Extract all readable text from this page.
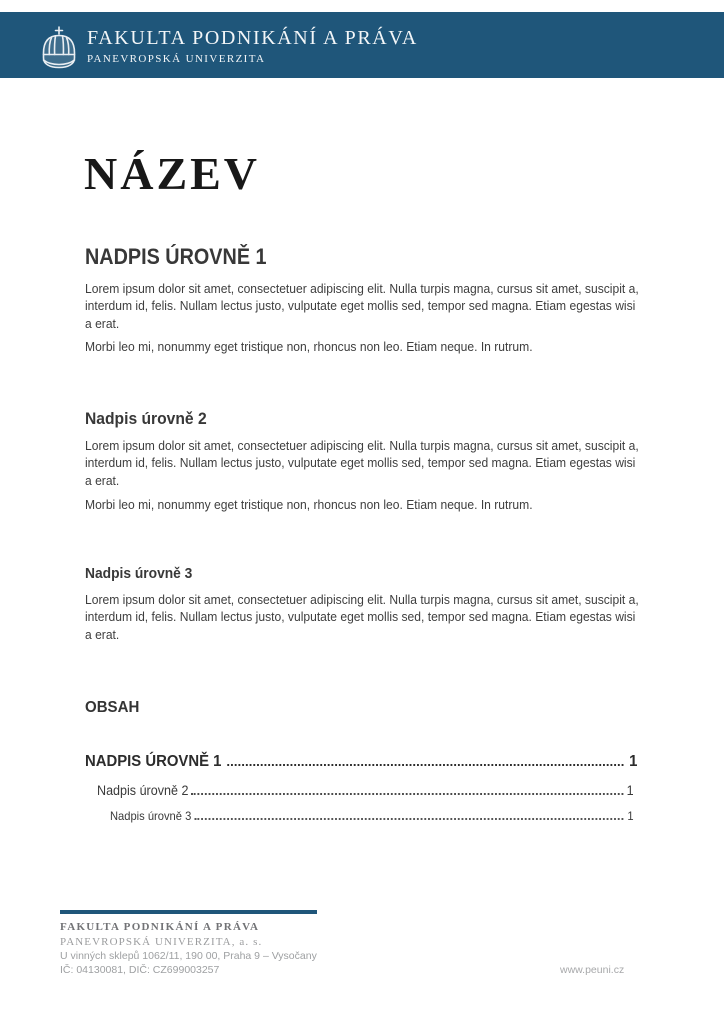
FAKULTA PODNIKÁNÍ A PRÁVA
PANEVROPSKÁ UNIVERZITA
NÁZEV
NADPIS ÚROVNĚ 1

Lorem ipsum dolor sit amet, consectetuer adipiscing elit. Nulla turpis magna, cursus sit amet, suscipit a, interdum id, felis. Nullam lectus justo, vulputate eget mollis sed, tempor sed magna. Etiam egestas wisi a erat.

Morbi leo mi, nonummy eget tristique non, rhoncus non leo. Etiam neque. In rutrum.

Nadpis úrovně 2

Lorem ipsum dolor sit amet, consectetuer adipiscing elit. Nulla turpis magna, cursus sit amet, suscipit a, interdum id, felis. Nullam lectus justo, vulputate eget mollis sed, tempor sed magna. Etiam egestas wisi a erat.

Morbi leo mi, nonummy eget tristique non, rhoncus non leo. Etiam neque. In rutrum.

Nadpis úrovně 3

Lorem ipsum dolor sit amet, consectetuer adipiscing elit. Nulla turpis magna, cursus sit amet, suscipit a, interdum id, felis. Nullam lectus justo, vulputate eget mollis sed, tempor sed magna. Etiam egestas wisi a erat.

OBSAH
NADPIS ÚROVNĚ 1	1
Nadpis úrovně 2	1
Nadpis úrovně 3	1
FAKULTA PODNIKÁNÍ A PRÁVA
PANEVROPSKÁ UNIVERZITA, a. s.
U vinných sklepů 1062/11, 190 00, Praha 9 – Vysočany
IČ: 04130081, DIČ: CZ699003257	www.peuni.cz
